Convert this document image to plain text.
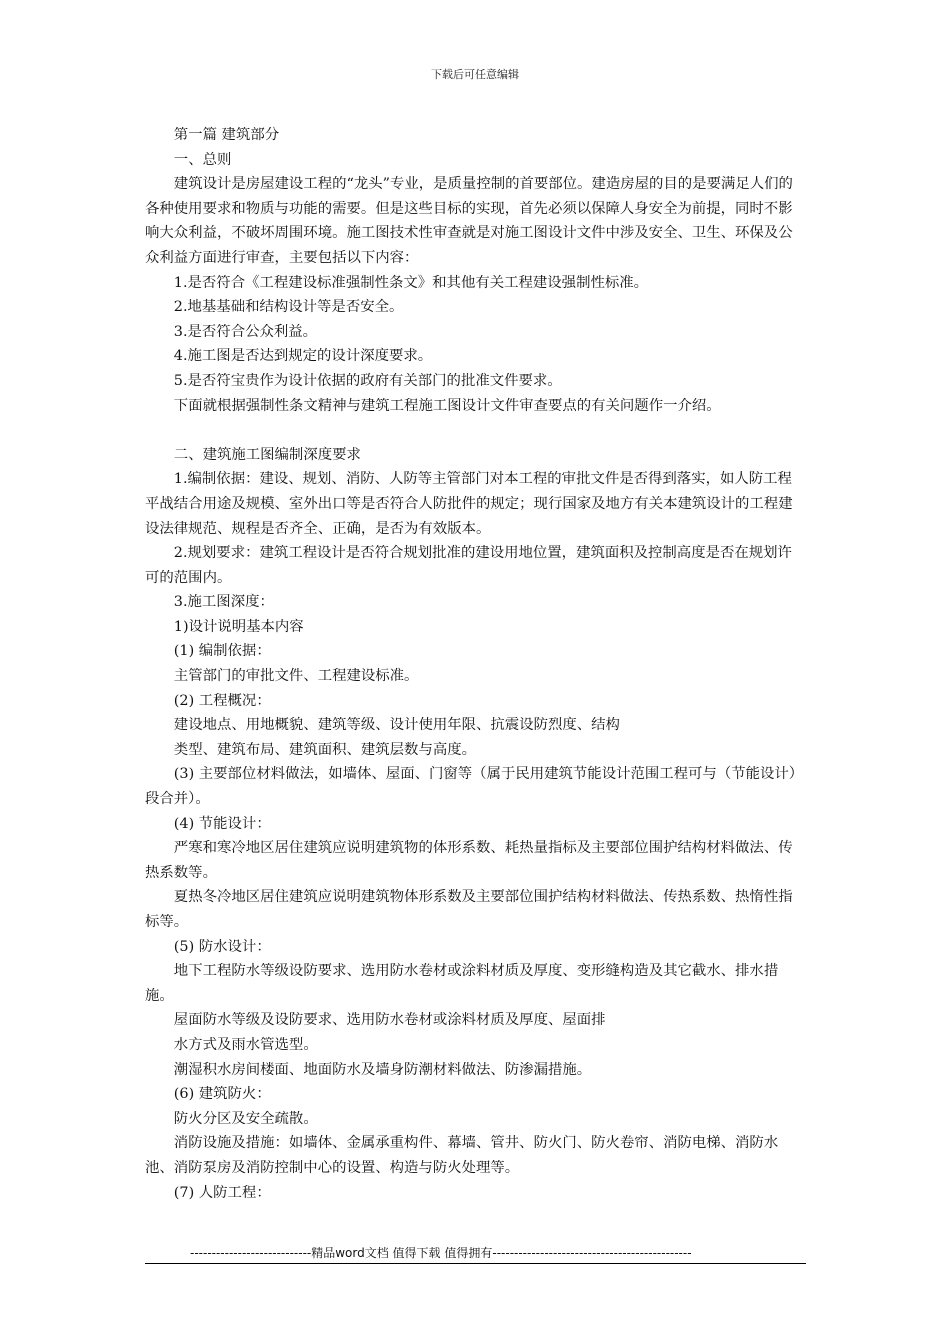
下载后可任意编辑

第一篇 建筑部分

一、总则

建筑设计是房屋建设工程的“龙头”专业，是质量控制的首要部位。建造房屋的目的是要满足人们的各种使用要求和物质与功能的需要。但是这些目标的实现，首先必须以保障人身安全为前提，同时不影响大众利益，不破坏周围环境。施工图技术性审查就是对施工图设计文件中涉及安全、卫生、环保及公众利益方面进行审查，主要包括以下内容：

1.是否符合《工程建设标准强制性条文》和其他有关工程建设强制性标准。

2.地基基础和结构设计等是否安全。

3.是否符合公众利益。

4.施工图是否达到规定的设计深度要求。

5.是否符宝贵作为设计依据的政府有关部门的批准文件要求。

下面就根据强制性条文精神与建筑工程施工图设计文件审查要点的有关问题作一介绍。

二、建筑施工图编制深度要求

1.编制依据：建设、规划、消防、人防等主管部门对本工程的审批文件是否得到落实，如人防工程平战结合用途及规模、室外出口等是否符合人防批件的规定；现行国家及地方有关本建筑设计的工程建设法律规范、规程是否齐全、正确，是否为有效版本。

2.规划要求：建筑工程设计是否符合规划批准的建设用地位置，建筑面积及控制高度是否在规划许可的范围内。

3.施工图深度：

1)设计说明基本内容

(1) 编制依据：

主管部门的审批文件、工程建设标准。

(2) 工程概况：

建设地点、用地概貌、建筑等级、设计使用年限、抗震设防烈度、结构

类型、建筑布局、建筑面积、建筑层数与高度。

(3) 主要部位材料做法，如墙体、屋面、门窗等（属于民用建筑节能设计范围工程可与（节能设计）段合并）。

(4) 节能设计：

严寒和寒冷地区居住建筑应说明建筑物的体形系数、耗热量指标及主要部位围护结构材料做法、传热系数等。

夏热冬冷地区居住建筑应说明建筑物体形系数及主要部位围护结构材料做法、传热系数、热惰性指标等。

(5) 防水设计：

地下工程防水等级设防要求、选用防水卷材或涂料材质及厚度、变形缝构造及其它截水、排水措施。

屋面防水等级及设防要求、选用防水卷材或涂料材质及厚度、屋面排

水方式及雨水管选型。

潮湿积水房间楼面、地面防水及墙身防潮材料做法、防渗漏措施。

(6) 建筑防火：

防火分区及安全疏散。

消防设施及措施：如墙体、金属承重构件、幕墙、管井、防火门、防火卷帘、消防电梯、消防水池、消防泵房及消防控制中心的设置、构造与防火处理等。

(7) 人防工程：

----------------------------精品word文档 值得下载 值得拥有----------------------------------------------
